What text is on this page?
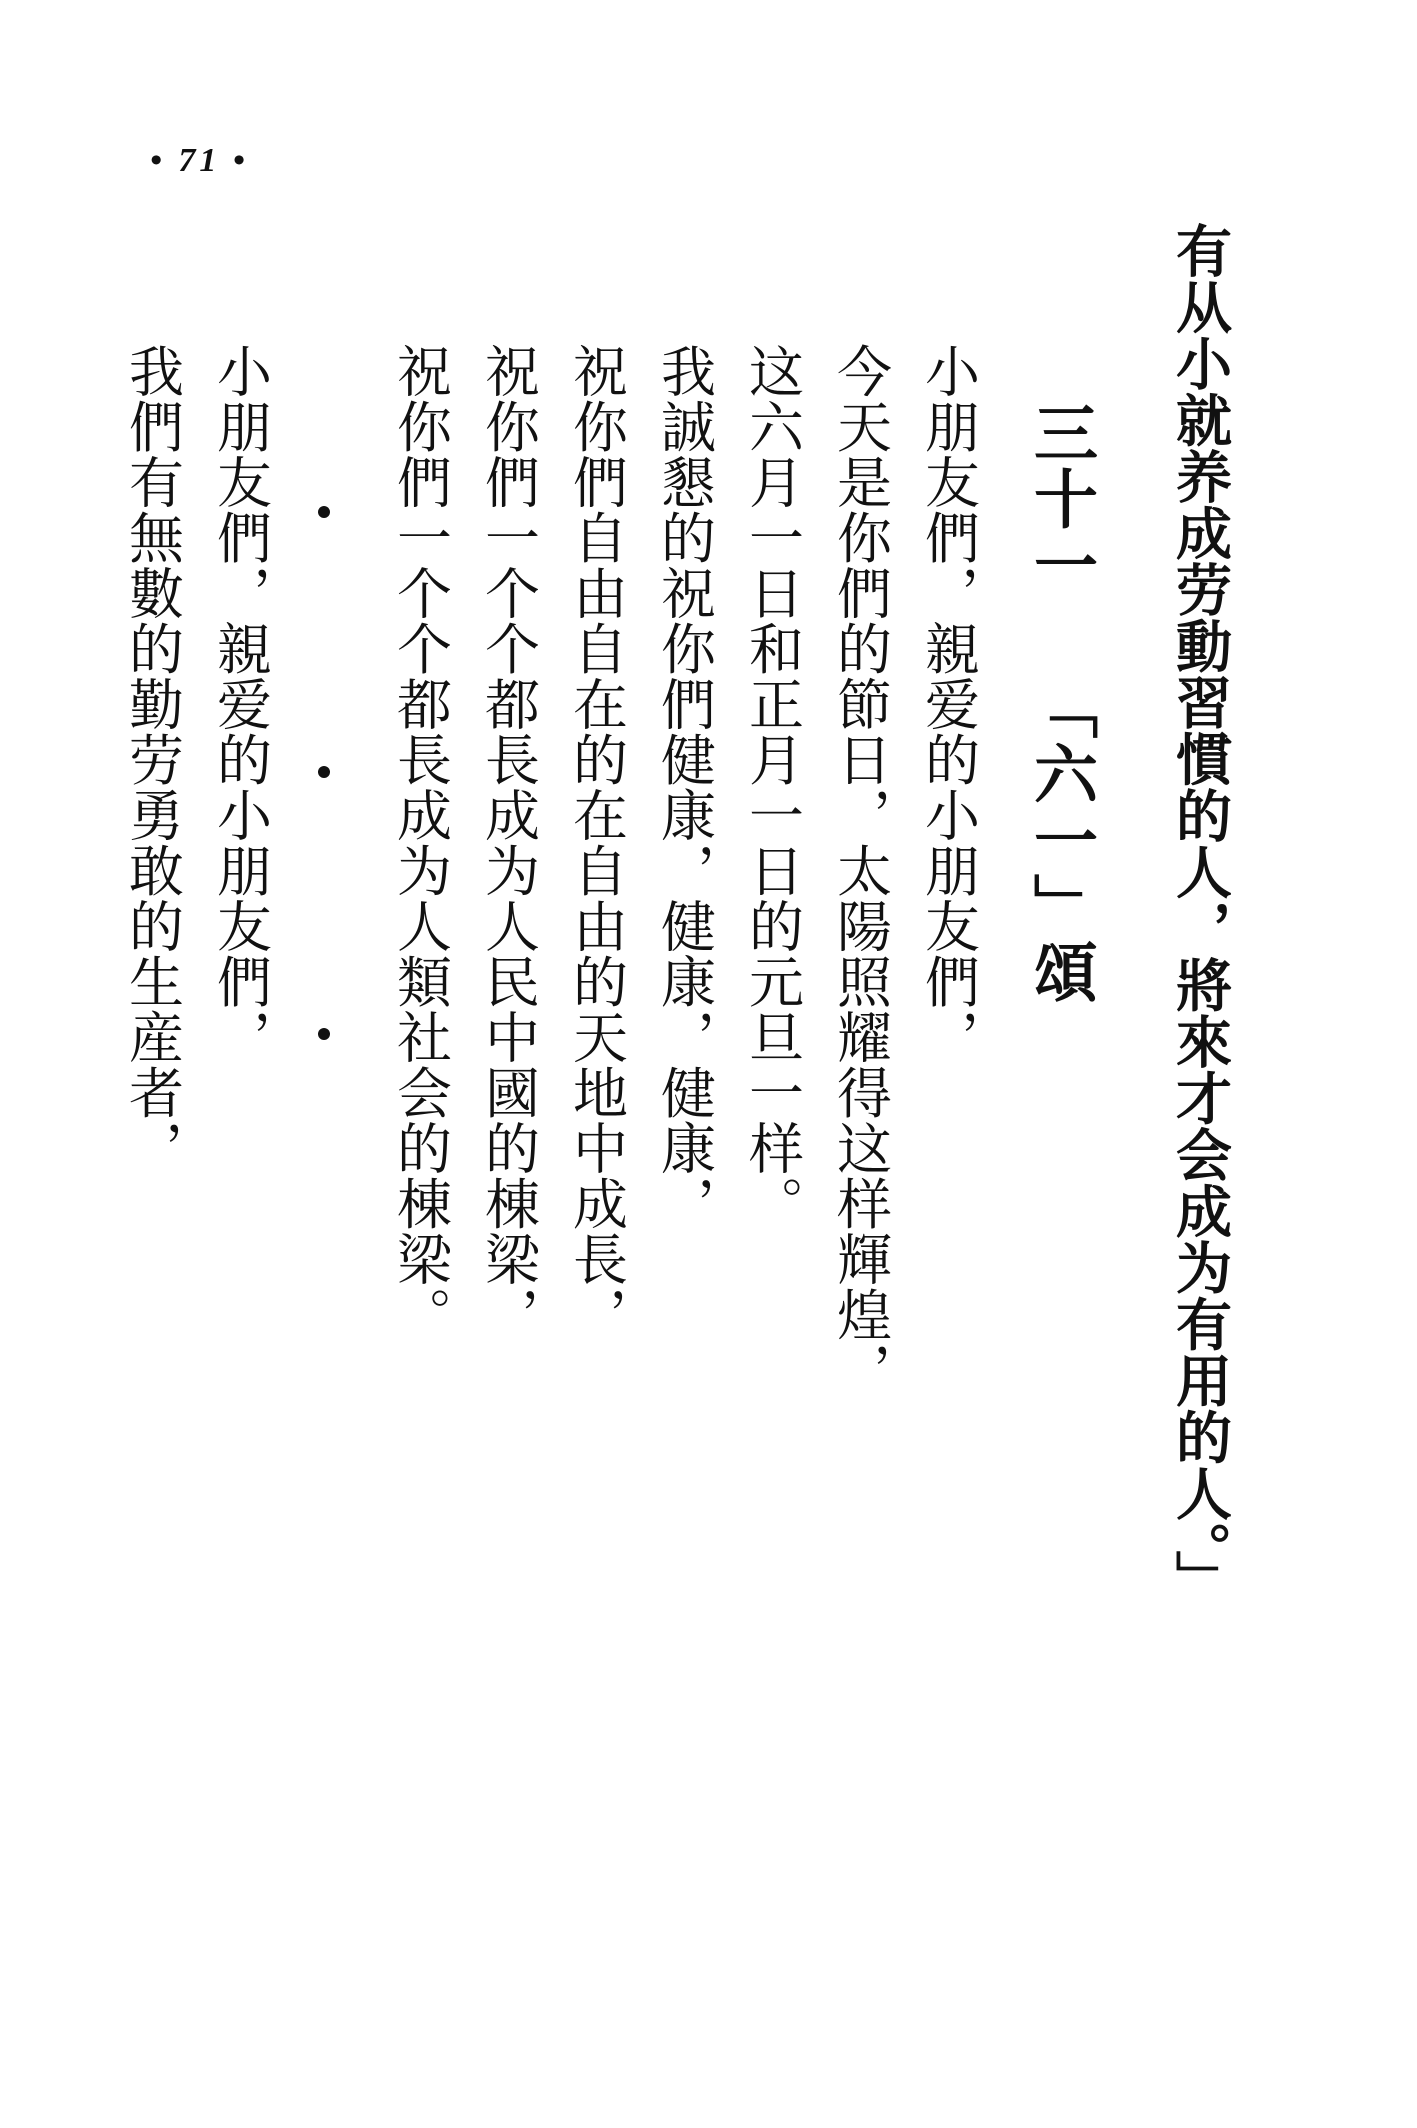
• 71 •
有从小就养成劳動習慣的人，將來才会成为有用的人。」
三十一 「六一」頌
小朋友們，親爱的小朋友們，
今天是你們的節日，太陽照耀得这样輝煌，
这六月一日和正月一日的元旦一样。
我誠懇的祝你們健康，健康，健康，
祝你們自由自在的在自由的天地中成長，
祝你們一个个都長成为人民中國的棟梁，
祝你們一个个都長成为人類社会的棟梁。
小朋友們，親爱的小朋友們，
我們有無數的勤劳勇敢的生産者，
